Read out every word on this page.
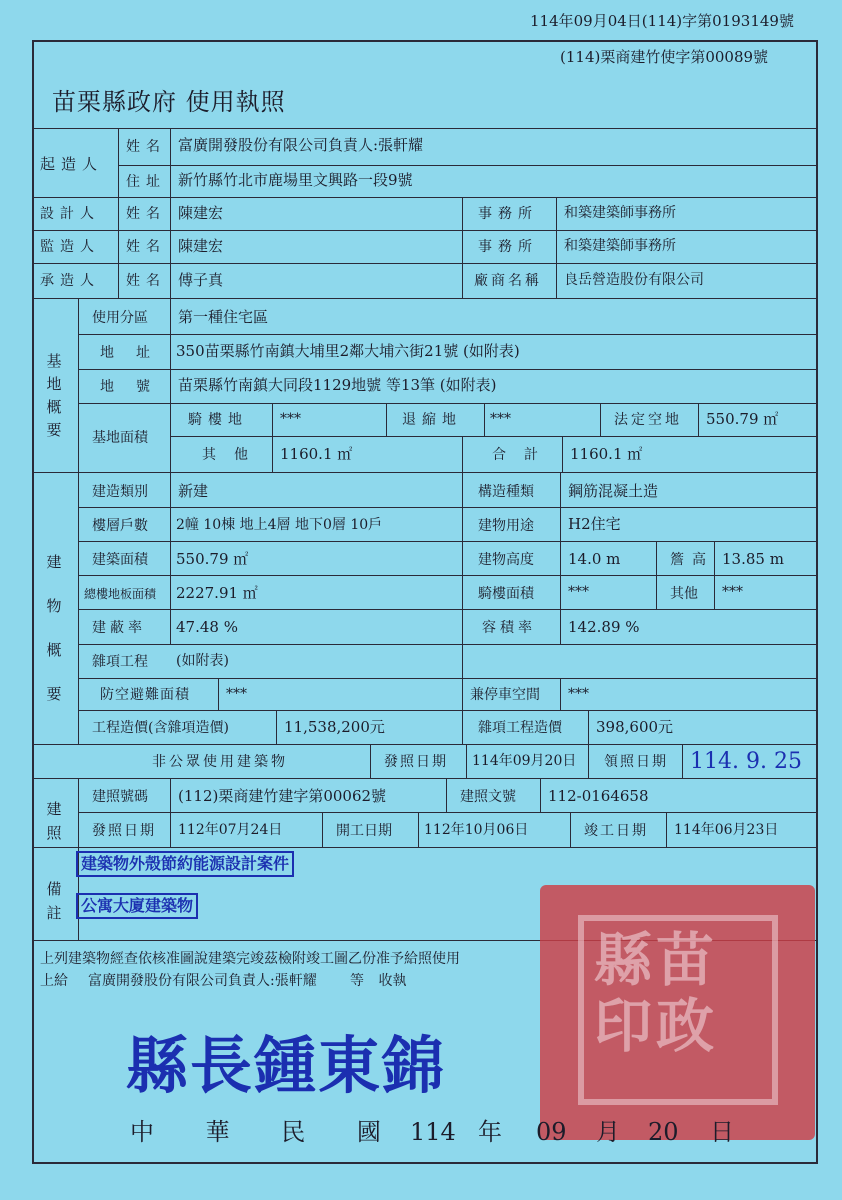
114年09月04日(114)字第0193149號
(114)栗商建竹使字第00089號
苗栗縣政府 使用執照
起造人
姓名 富廣開發股份有限公司負責人:張軒耀
住址 新竹縣竹北市鹿場里文興路一段9號
設計人 姓名 陳建宏	事務所 和築建築師事務所
監造人 姓名 陳建宏	事務所 和築建築師事務所
承造人 姓名 傅子真	廠商名稱 良岳營造股份有限公司
基地概要
使用分區 第一種住宅區
地址 350苗栗縣竹南鎮大埔里2鄰大埔六街21號 (如附表)
地號 苗栗縣竹南鎮大同段1129地號 等13筆 (如附表)
基地面積
騎樓地 ***	退縮地 ***	法定空地 550.79 ㎡
其他 1160.1 ㎡	合計 1160.1 ㎡
建物概要
建造類別 新建	構造種類 鋼筋混凝土造
樓層戶數 2幢 10棟 地上4層 地下0層 10戶	建物用途 H2住宅
建築面積 550.79 ㎡	建物高度 14.0 m	簷高 13.85 m
總樓地板面積 2227.91 ㎡	騎樓面積 ***	其他 ***
建蔽率 47.48 %	容積率 142.89 %
雜項工程 (如附表)
防空避難面積	***	兼停車空間 ***
工程造價(含雜項造價)	11,538,200元	雜項工程造價 398,600元
非公眾使用建築物	發照日期 114年09月20日 領照日期 114. 9. 25
建照
建照號碼 (112)栗商建竹建字第00062號	建照文號 112-0164658
發照日期 112年07月24日	開工日期 112年10月06日	竣工日期 114年06月23日
備註
建築物外殼節約能源設計案件
公寓大廈建築物
縣 苗
印 政
上列建築物經查依核准圖說建築完竣茲檢附竣工圖乙份准予給照使用
上給 富廣開發股份有限公司負責人:張軒耀 等 收執
縣長鍾東錦
中 華 民 國 114 年 09 月 20 日
